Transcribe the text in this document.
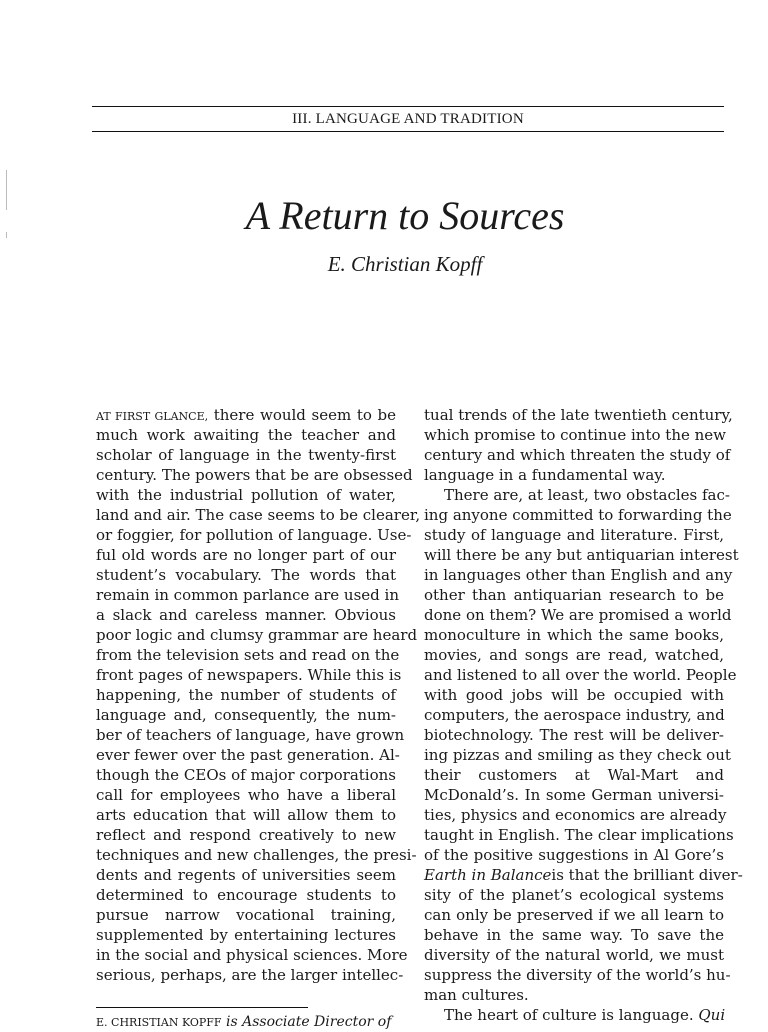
III. LANGUAGE AND TRADITION
A Return to Sources
E. Christian Kopff
AT FIRST GLANCE, there would seem to be
much work awaiting the teacher and
scholar of language in the twenty-first
century. The powers that be are obsessed
with the industrial pollution of water,
land and air. The case seems to be clearer,
or foggier, for pollution of language. Use-
ful old words are no longer part of our
student’s vocabulary. The words that
remain in common parlance are used in
a slack and careless manner. Obvious
poor logic and clumsy grammar are heard
from the television sets and read on the
front pages of newspapers. While this is
happening, the number of students of
language and, consequently, the num-
ber of teachers of language, have grown
ever fewer over the past generation. Al-
though the CEOs of major corporations
call for employees who have a liberal
arts education that will allow them to
reflect and respond creatively to new
techniques and new challenges, the presi-
dents and regents of universities seem
determined to encourage students to
pursue narrow vocational training,
supplemented by entertaining lectures
in the social and physical sciences. More
serious, perhaps, are the larger intellec-
tual trends of the late twentieth century,
which promise to continue into the new
century and which threaten the study of
language in a fundamental way.
There are, at least, two obstacles fac-
ing anyone committed to forwarding the
study of language and literature. First,
will there be any but antiquarian interest
in languages other than English and any
other than antiquarian research to be
done on them? We are promised a world
monoculture in which the same books,
movies, and songs are read, watched,
and listened to all over the world. People
with good jobs will be occupied with
computers, the aerospace industry, and
biotechnology. The rest will be deliver-
ing pizzas and smiling as they check out
their customers at Wal-Mart and
McDonald’s. In some German universi-
ties, physics and economics are already
taught in English. The clear implications
of the positive suggestions in Al Gore’s
Earth in Balanceis that the brilliant diver-
sity of the planet’s ecological systems
can only be preserved if we all learn to
behave in the same way. To save the
diversity of the natural world, we must
suppress the diversity of the world’s hu-
man cultures.
The heart of culture is language. Qui
E. CHRISTIAN KOPFF is Associate Director of
